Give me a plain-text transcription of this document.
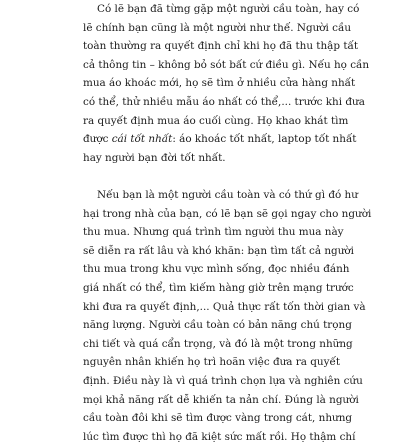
Có lẽ bạn đã từng gặp một người cầu toàn, hay có
lẽ chính bạn cũng là một người như thế. Người cầu
toàn thường ra quyết định chỉ khi họ đã thu thập tất
cả thông tin – không bỏ sót bất cứ điều gì. Nếu họ cần
mua áo khoác mới, họ sẽ tìm ở nhiều cửa hàng nhất
có thể, thử nhiều mẫu áo nhất có thể,... trước khi đưa
ra quyết định mua áo cuối cùng. Họ khao khát tìm
được cái tốt nhất: áo khoác tốt nhất, laptop tốt nhất
hay người bạn đời tốt nhất.
Nếu bạn là một người cầu toàn và có thứ gì đó hư
hại trong nhà của bạn, có lẽ bạn sẽ gọi ngay cho người
thu mua. Nhưng quá trình tìm người thu mua này
sẽ diễn ra rất lâu và khó khăn: bạn tìm tất cả người
thu mua trong khu vực mình sống, đọc nhiều đánh
giá nhất có thể, tìm kiếm hàng giờ trên mạng trước
khi đưa ra quyết định,... Quả thực rất tốn thời gian và
năng lượng. Người cầu toàn có bản năng chú trọng
chi tiết và quá cẩn trọng, và đó là một trong những
nguyên nhân khiến họ trì hoãn việc đưa ra quyết
định. Điều này là vì quá trình chọn lựa và nghiên cứu
mọi khả năng rất dễ khiến ta nản chí. Đúng là người
cầu toàn đôi khi sẽ tìm được vàng trong cát, nhưng
lúc tìm được thì họ đã kiệt sức mất rồi. Họ thậm chí
